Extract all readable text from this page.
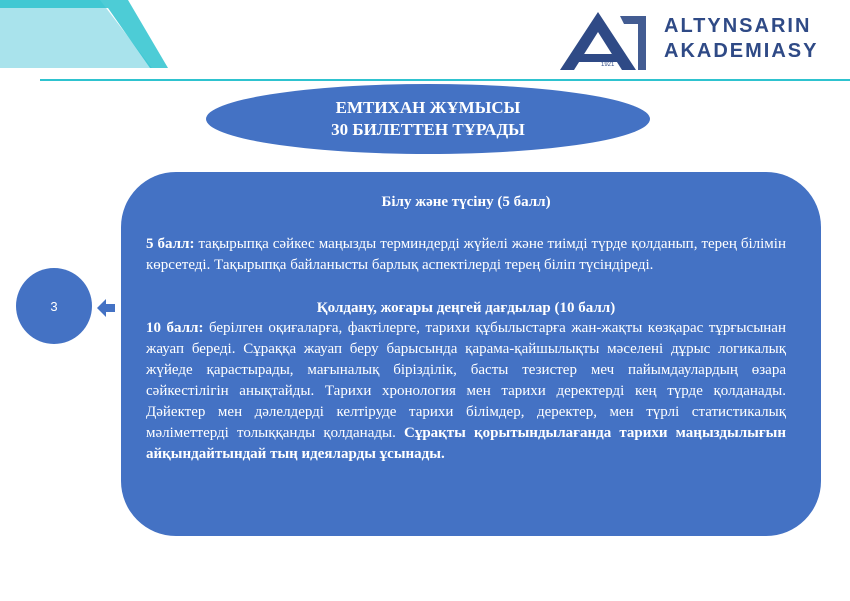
ALTYNSARIN
AKADEMIASY
1921
ЕМТИХАН ЖҰМЫСЫ
30 БИЛЕТТЕН ТҰРАДЫ
3
Білу және түсіну (5 балл)
5 балл: тақырыпқа сәйкес маңызды терминдерді жүйелі және тиімді түрде қолданып, терең білімін көрсетеді. Тақырыпқа байланысты барлық аспектілерді терең біліп түсіндіреді.
Қолдану, жоғары деңгей дағдылар (10 балл)
10 балл: берілген оқиғаларға, фактілерге, тарихи құбылыстарға жан-жақты көзқарас тұрғысынан жауап береді. Сұраққа жауап беру барысында қарама-қайшылықты мәселені дұрыс логикалық жүйеде қарастырады, мағыналық бірізділік, басты тезистер меч пайымдаулардың өзара сәйкестілігін анықтайды. Тарихи хронология мен тарихи деректерді кең түрде қолданады. Дәйектер мен дәлелдерді келтіруде тарихи білімдер, деректер, мен түрлі статистикалық мәліметтерді толыққанды қолданады. Сұрақты қорытындылағанда тарихи маңыздылығын айқындайтындай тың идеяларды ұсынады.
